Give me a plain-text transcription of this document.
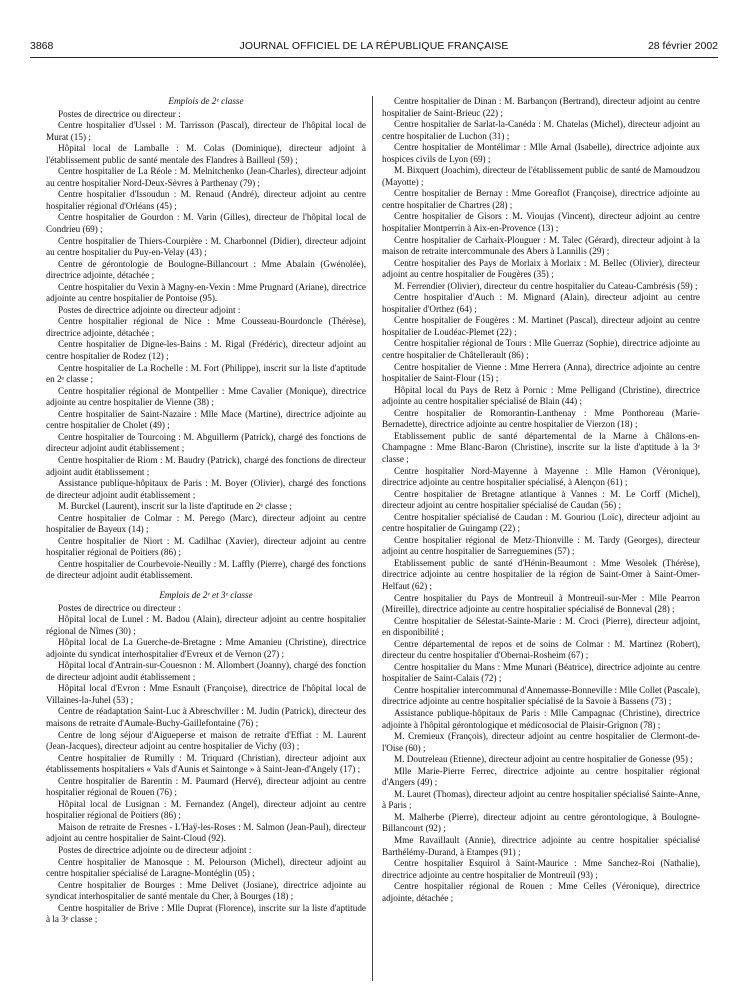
3868	JOURNAL OFFICIEL DE LA RÉPUBLIQUE FRANÇAISE	28 février 2002

Emplois de 2ᵉ classe

Postes de directrice ou directeur :

Centre hospitalier d'Ussel : M. Tarrisson (Pascal), directeur de l'hôpital local de Murat (15) ;

Hôpital local de Lamballe : M. Colas (Dominique), directeur adjoint à l'établissement public de santé mentale des Flandres à Bailleul (59) ;

Centre hospitalier de La Réole : M. Melnitchenko (Jean-Charles), directeur adjoint au centre hospitalier Nord-Deux-Sèvres à Parthenay (79) ;

Centre hospitalier d'Issoudun : M. Renaud (André), directeur adjoint au centre hospitalier régional d'Orléans (45) ;

Centre hospitalier de Gourdon : M. Varin (Gilles), directeur de l'hôpital local de Condrieu (69) ;

Centre hospitalier de Thiers-Courpière : M. Charbonnel (Didier), directeur adjoint au centre hospitalier du Puy-en-Velay (43) ;

Centre de gérontologie de Boulogne-Billancourt : Mme Abalain (Gwénolée), directrice adjointe, détachée ;

Centre hospitalier du Vexin à Magny-en-Vexin : Mme Prugnard (Ariane), directrice adjointe au centre hospitalier de Pontoise (95).

Postes de directrice adjointe ou directeur adjoint :

Centre hospitalier régional de Nice : Mme Cousseau-Bourdoncle (Thérèse), directrice adjointe, détachée ;

Centre hospitalier de Digne-les-Bains : M. Rigal (Frédéric), directeur adjoint au centre hospitalier de Rodez (12) ;

Centre hospitalier de La Rochelle : M. Fort (Philippe), inscrit sur la liste d'aptitude en 2ᵉ classe ;

Centre hospitalier régional de Montpellier : Mme Cavalier (Monique), directrice adjointe au centre hospitalier de Vienne (38) ;

Centre hospitalier de Saint-Nazaire : Mlle Mace (Martine), directrice adjointe au centre hospitalier de Cholet (49) ;

Centre hospitalier de Tourcoing : M. Abguillerm (Patrick), chargé des fonctions de directeur adjoint audit établissement ;

Centre hospitalier de Riom : M. Baudry (Patrick), chargé des fonctions de directeur adjoint audit établissement ;

Assistance publique-hôpitaux de Paris : M. Boyer (Olivier), chargé des fonctions de directeur adjoint audit établissement ;

M. Burckel (Laurent), inscrit sur la liste d'aptitude en 2ᵉ classe ;

Centre hospitalier de Colmar : M. Perego (Marc), directeur adjoint au centre hospitalier de Bayeux (14) ;

Centre hospitalier de Niort : M. Cadilhac (Xavier), directeur adjoint au centre hospitalier régional de Poitiers (86) ;

Centre hospitalier de Courbevoie-Neuilly : M. Laffly (Pierre), chargé des fonctions de directeur adjoint audit établissement.

Emplois de 2ᵉ et 3ᵉ classe

Postes de directrice ou directeur :

Hôpital local de Lunel : M. Badou (Alain), directeur adjoint au centre hospitalier régional de Nîmes (30) ;

Hôpital local de La Guerche-de-Bretagne : Mme Amanieu (Christine), directrice adjointe du syndicat interhospitalier d'Evreux et de Vernon (27) ;

Hôpital local d'Antrain-sur-Couesnon : M. Allombert (Joanny), chargé des fonction de directeur adjoint audit établissement ;

Hôpital local d'Evron : Mme Esnault (Françoise), directrice de l'hôpital local de Villaines-la-Juhel (53) ;

Centre de réadaptation Saint-Luc à Abreschviller : M. Judin (Patrick), directeur des maisons de retraite d'Aumale-Buchy-Gaillefontaine (76) ;

Centre de long séjour d'Aigueperse et maison de retraite d'Effiat : M. Laurent (Jean-Jacques), directeur adjoint au centre hospitalier de Vichy (03) ;

Centre hospitalier de Rumilly : M. Triquard (Christian), directeur adjoint aux établissements hospitaliers « Vals d'Aunis et Saintonge » à Saint-Jean-d'Angely (17) ;

Centre hospitalier de Barentin : M. Paumard (Hervé), directeur adjoint au centre hospitalier régional de Rouen (76) ;

Hôpital local de Lusignan : M. Fernandez (Angel), directeur adjoint au centre hospitalier régional de Poitiers (86) ;

Maison de retraite de Fresnes - L'Haÿ-les-Roses : M. Salmon (Jean-Paul), directeur adjoint au centre hospitalier de Saint-Cloud (92).

Postes de directrice adjointe ou de directeur adjoint :

Centre hospitalier de Manosque : M. Pelourson (Michel), directeur adjoint au centre hospitalier spécialisé de Laragne-Montéglin (05) ;

Centre hospitalier de Bourges : Mme Delivet (Josiane), directrice adjointe au syndicat interhospitalier de santé mentale du Cher, à Bourges (18) ;

Centre hospitalier de Brive : Mlle Duprat (Florence), inscrite sur la liste d'aptitude à la 3ᵉ classe ;

Centre hospitalier de Dinan : M. Barbançon (Bertrand), directeur adjoint au centre hospitalier de Saint-Brieuc (22) ;

Centre hospitalier de Sarlat-la-Canéda : M. Chatelas (Michel), directeur adjoint au centre hospitalier de Luchon (31) ;

Centre hospitalier de Montélimar : Mlle Arnal (Isabelle), directrice adjointe aux hospices civils de Lyon (69) ;

M. Bixquert (Joachim), directeur de l'établissement public de santé de Mamoudzou (Mayotte) ;

Centre hospitalier de Bernay : Mme Goreaflot (Françoise), directrice adjointe au centre hospitalier de Chartres (28) ;

Centre hospitalier de Gisors : M. Vioujas (Vincent), directeur adjoint au centre hospitalier Montperrin à Aix-en-Provence (13) ;

Centre hospitalier de Carhaix-Plouguer : M. Talec (Gérard), directeur adjoint à la maison de retraite intercommunale des Abers à Lannilis (29) ;

Centre hospitalier des Pays de Morlaix à Morlaix : M. Bellec (Olivier), directeur adjoint au centre hospitalier de Fougères (35) ;

M. Ferrendier (Olivier), directeur du centre hospitalier du Cateau-Cambrésis (59) ;

Centre hospitalier d'Auch : M. Mignard (Alain), directeur adjoint au centre hospitalier d'Orthez (64) ;

Centre hospitalier de Fougères : M. Martinet (Pascal), directeur adjoint au centre hospitalier de Loudéac-Plemet (22) ;

Centre hospitalier régional de Tours : Mlle Guerraz (Sophie), directrice adjointe au centre hospitalier de Châtellerault (86) ;

Centre hospitalier de Vienne : Mme Herrera (Anna), directrice adjointe au centre hospitalier de Saint-Flour (15) ;

Hôpital local du Pays de Retz à Pornic : Mme Pelligand (Christine), directrice adjointe au centre hospitalier spécialisé de Blain (44) ;

Centre hospitalier de Romorantin-Lanthenay : Mme Ponthoreau (Marie-Bernadette), directrice adjointe au centre hospitalier de Vierzon (18) ;

Etablissement public de santé départemental de la Marne à Châlons-en-Champagne : Mme Blanc-Baron (Christine), inscrite sur la liste d'aptitude à la 3ᵉ classe ;

Centre hospitalier Nord-Mayenne à Mayenne : Mlle Hamon (Véronique), directrice adjointe au centre hospitalier spécialisé, à Alençon (61) ;

Centre hospitalier de Bretagne atlantique à Vannes : M. Le Corff (Michel), directeur adjoint au centre hospitalier spécialisé de Caudan (56) ;

Centre hospitalier spécialisé de Caudan : M. Gouriou (Loïc), directeur adjoint au centre hospitalier de Guingamp (22) ;

Centre hospitalier régional de Metz-Thionville : M. Tardy (Georges), directeur adjoint au centre hospitalier de Sarreguemines (57) ;

Etablissement public de santé d'Hénin-Beaumont : Mme Wesolek (Thérèse), directrice adjointe au centre hospitalier de la région de Saint-Omer à Saint-Omer-Helfaut (62) ;

Centre hospitalier du Pays de Montreuil à Montreuil-sur-Mer : Mlle Pearron (Mireille), directrice adjointe au centre hospitalier spécialisé de Bonneval (28) ;

Centre hospitalier de Sélestat-Sainte-Marie : M. Croci (Pierre), directeur adjoint, en disponibilité ;

Centre départemental de repos et de soins de Colmar : M. Martinez (Robert), directeur du centre hospitalier d'Obernai-Rosheim (67) ;

Centre hospitalier du Mans : Mme Munari (Béatrice), directrice adjointe au centre hospitalier de Saint-Calais (72) ;

Centre hospitalier intercommunal d'Annemasse-Bonneville : Mlle Collet (Pascale), directrice adjointe au centre hospitalier spécialisé de la Savoie à Bassens (73) ;

Assistance publique-hôpitaux de Paris : Mlle Campagnac (Christine), directrice adjointe à l'hôpital gérontologique et médicosocial de Plaisir-Grignon (78) ;

M. Cremieux (François), directeur adjoint au centre hospitalier de Clermont-de-l'Oise (60) ;

M. Doutreleau (Etienne), directeur adjoint au centre hospitalier de Gonesse (95) ;

Mlle Marie-Pierre Ferrec, directrice adjointe au centre hospitalier régional d'Angers (49) ;

M. Lauret (Thomas), directeur adjoint au centre hospitalier spécialisé Sainte-Anne, à Paris ;

M. Malherbe (Pierre), directeur adjoint au centre gérontologique, à Boulogne-Billancourt (92) ;

Mme Ravaillault (Annie), directrice adjointe au centre hospitalier spécialisé Barthélémy-Durand, à Etampes (91) ;

Centre hospitalier Esquirol à Saint-Maurice : Mme Sanchez-Roi (Nathalie), directrice adjointe au centre hospitalier de Montreuil (93) ;

Centre hospitalier régional de Rouen : Mme Celles (Véronique), directrice adjointe, détachée ;
